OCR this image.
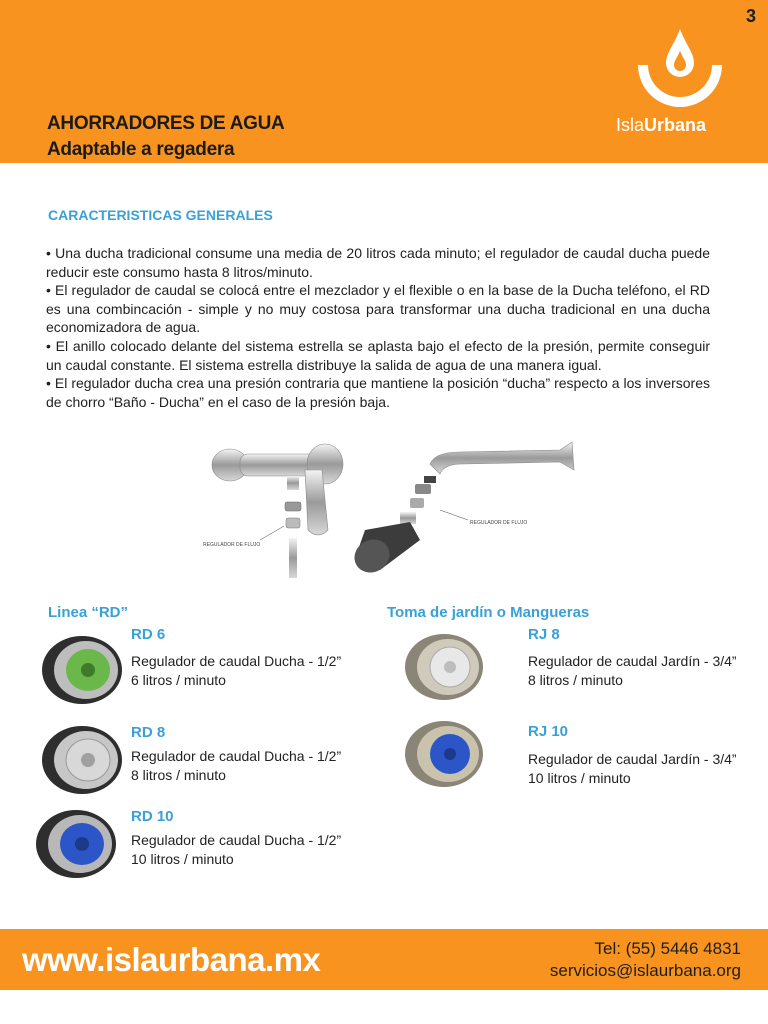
3
AHORRADORES DE AGUA
Adaptable a regadera
IslaUrbana
CARACTERISTICAS GENERALES

• Una ducha tradicional consume una media de 20 litros cada minuto; el regulador de caudal ducha puede reducir este consumo hasta 8 litros/minuto.

• El regulador de caudal se colocá entre el mezclador y el flexible o en la base de la Ducha teléfono, el RD es una combincación - simple y no muy costosa para transformar una ducha tradicional en una ducha economizadora de agua.

• El anillo colocado delante del sistema estrella se aplasta bajo el efecto de la presión, permite conseguir un caudal constante. El sistema estrella distribuye la salida de agua de una manera igual.

• El regulador ducha crea una presión contraria que mantiene la posición “ducha” respecto a los inversores de chorro “Baño - Ducha” en el caso de la presión baja.

REGULADOR DE FLUJO
REGULADOR DE FLUJO
Linea “RD”
RD 6
Regulador de caudal Ducha - 1/2”
6 litros / minuto
RD 8
Regulador de caudal Ducha - 1/2”
8 litros / minuto
RD 10
Regulador de caudal Ducha - 1/2”
10 litros / minuto
Toma de jardín o Mangueras
RJ 8
Regulador de caudal Jardín - 3/4”
8 litros / minuto
RJ 10
Regulador de caudal Jardín - 3/4”
10 litros / minuto
www.islaurbana.mx	Tel: (55) 5446 4831
servicios@islaurbana.org
